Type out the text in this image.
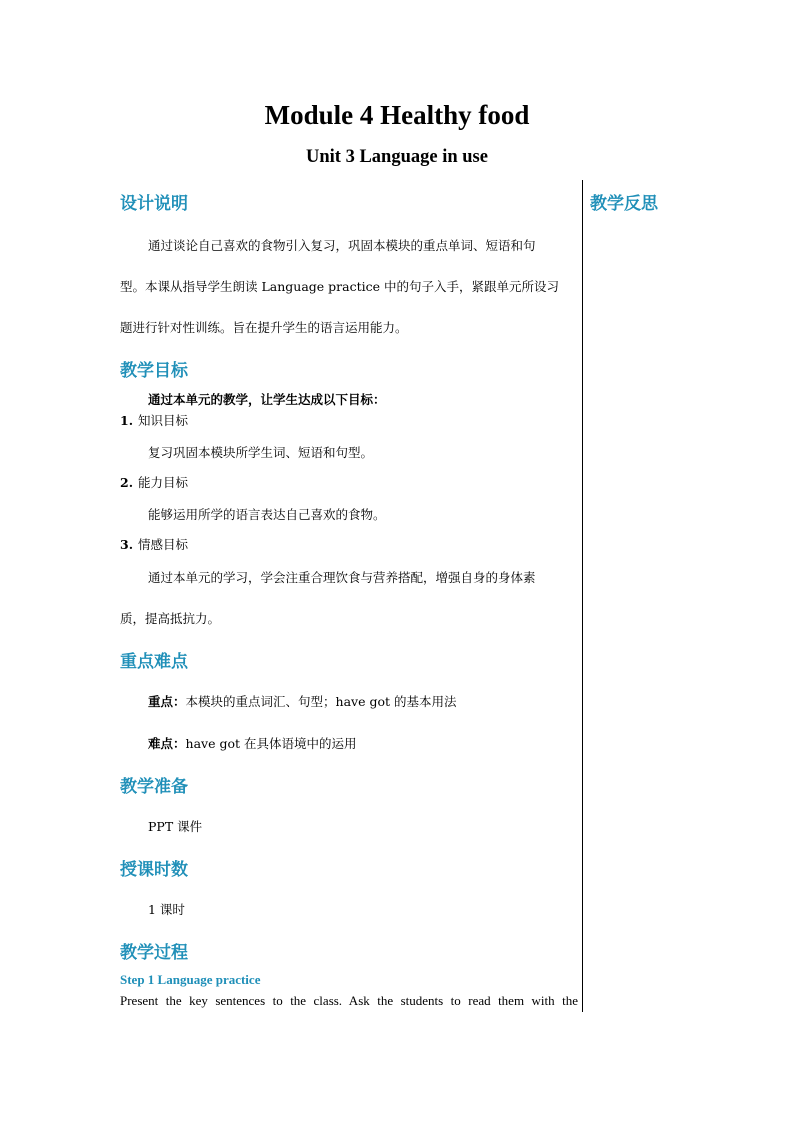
Module 4 Healthy food
Unit 3 Language in use
教学反思
设计说明
通过谈论自己喜欢的食物引入复习，巩固本模块的重点单词、短语和句
型。本课从指导学生朗读 Language practice 中的句子入手，紧跟单元所设习
题进行针对性训练。旨在提升学生的语言运用能力。
教学目标
通过本单元的教学，让学生达成以下目标：
1. 知识目标
复习巩固本模块所学生词、短语和句型。
2. 能力目标
能够运用所学的语言表达自己喜欢的食物。
3. 情感目标
通过本单元的学习，学会注重合理饮食与营养搭配，增强自身的身体素
质，提高抵抗力。
重点难点
重点：本模块的重点词汇、句型；have got 的基本用法
难点：have got 在具体语境中的运用
教学准备
PPT 课件
授课时数
1 课时
教学过程
Step 1 Language practice
Present the key sentences to the class. Ask the students to read them with the
